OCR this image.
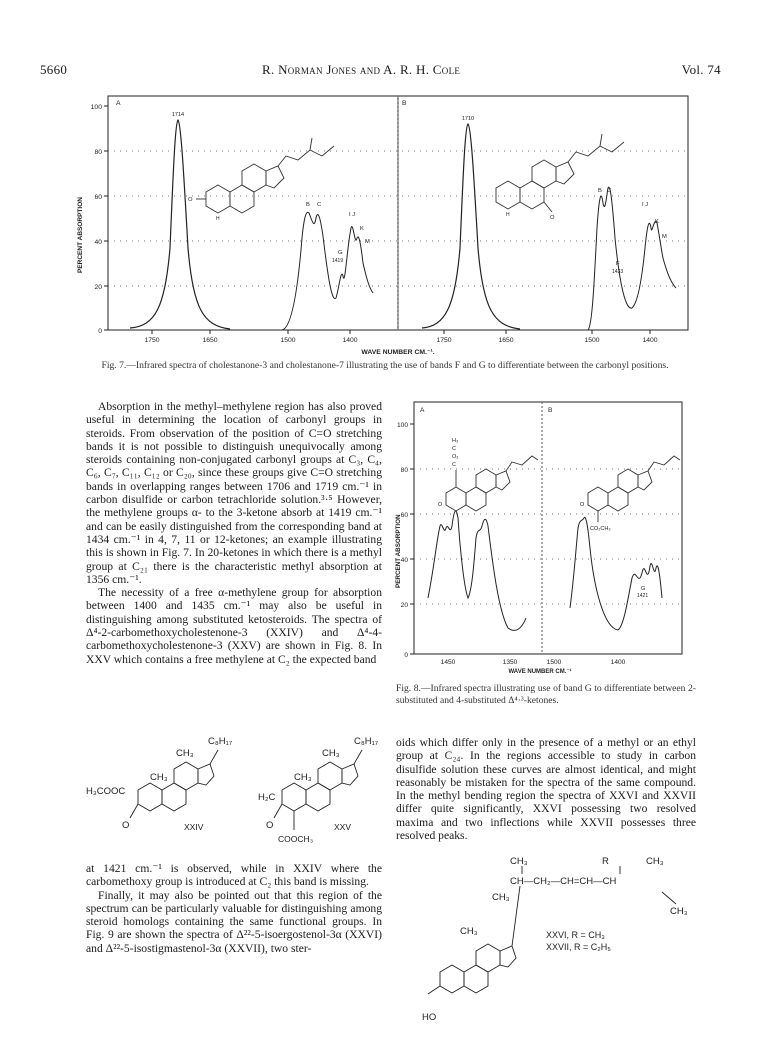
5660	R. Norman Jones and A. R. H. Cole	Vol. 74
A	B
100
80
60
40
20
0
PERCENT ABSORPTION
1750	1650	1500	1400	1750	1650	1500	1400
WAVE NUMBER CM.⁻¹.
1714
1710
B C
G
1419
I J
K
M
B C
F
1433
I J
K
M
O
H	O
H
Fig. 7.—Infrared spectra of cholestanone-3 and cholestanone-7 illustrating the use of bands F and G to differentiate between the carbonyl positions.

Absorption in the methyl–methylene region has also proved useful in determining the location of carbonyl groups in steroids. From observation of the position of C=O stretching bands it is not possible to distinguish unequivocally among steroids containing non-conjugated carbonyl groups at C₃, C₄, C₆, C₇, C₁₁, C₁₂ or C₂₀, since these groups give C=O stretching bands in overlapping ranges between 1706 and 1719 cm.⁻¹ in carbon disulfide or carbon tetrachloride solution.³·⁵ However, the methylene groups α- to the 3-ketone absorb at 1419 cm.⁻¹ and can be easily distinguished from the corresponding band at 1434 cm.⁻¹ in 4, 7, 11 or 12-ketones; an example illustrating this is shown in Fig. 7. In 20-ketones in which there is a methyl group at C₂₁ there is the characteristic methyl absorption at 1356 cm.⁻¹.

The necessity of a free α-methylene group for absorption between 1400 and 1435 cm.⁻¹ may also be useful in distinguishing among substituted ketosteroids. The spectra of Δ⁴-2-carbomethoxycholestenone-3 (XXIV) and Δ⁴-4-carbomethoxycholestenone-3 (XXV) are shown in Fig. 8. In XXV which contains a free methylene at C₂ the expected band

A	B
100
80
60
40
20
0
PERCENT ABSORPTION
1450	1350	1500	1400
WAVE NUMBER CM.⁻¹
G
1421
H₃
C
O₂
C
O	O
CO₂CH₃
Fig. 8.—Infrared spectra illustrating use of band G to differentiate between 2-substituted and 4-substituted Δ⁴·³-ketones.
C₈H₁₇
CH₃
CH₃
H₃COOC
O	XXIV
C₈H₁₇
CH₃
CH₃
H₂C
O
COOCH₃
XXV

at 1421 cm.⁻¹ is observed, while in XXIV where the carbomethoxy group is introduced at C₂ this band is missing.

Finally, it may also be pointed out that this region of the spectrum can be particularly valuable for distinguishing among steroid homologs containing the same functional groups. In Fig. 9 are shown the spectra of Δ²²-5-isoergostenol-3α (XXVI) and Δ²²-5-isostigmastenol-3α (XXVII), two ster-

oids which differ only in the presence of a methyl or an ethyl group at C₂₄. In the regions accessible to study in carbon disulfide solution these curves are almost identical, and might reasonably be mistaken for the spectra of the same compound. In the methyl bending region the spectra of XXVI and XXVII differ quite significantly, XXVI possessing two resolved maxima and two inflections while XXVII possesses three resolved peaks.

CH₃	R	CH₃
CH—CH₂—CH=CH—CH
CH₃
CH₃
CH₃
HO
XXVI, R = CH₃
XXVII, R = C₂H₅
